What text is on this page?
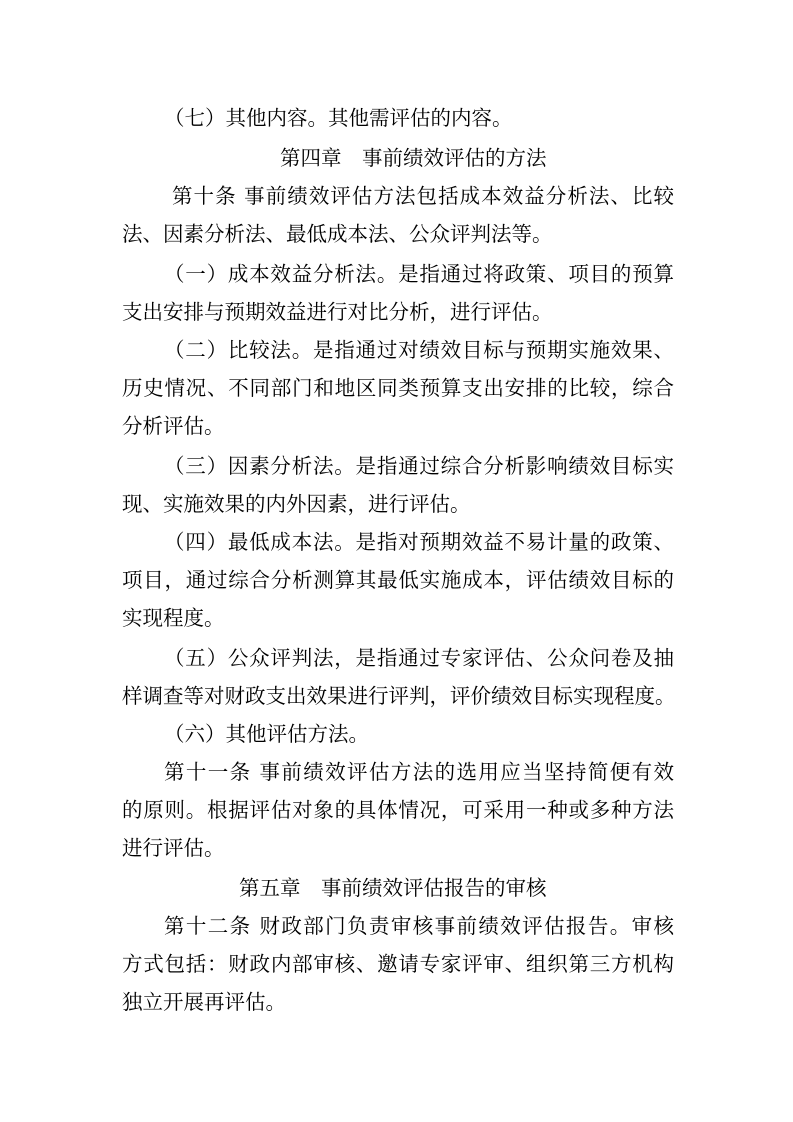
（七）其他内容。其他需评估的内容。
第四章　事前绩效评估的方法
第十条 事前绩效评估方法包括成本效益分析法、比较
法、因素分析法、最低成本法、公众评判法等。
（一）成本效益分析法。是指通过将政策、项目的预算
支出安排与预期效益进行对比分析，进行评估。
（二）比较法。是指通过对绩效目标与预期实施效果、
历史情况、不同部门和地区同类预算支出安排的比较，综合
分析评估。
（三）因素分析法。是指通过综合分析影响绩效目标实
现、实施效果的内外因素，进行评估。
（四）最低成本法。是指对预期效益不易计量的政策、
项目，通过综合分析测算其最低实施成本，评估绩效目标的
实现程度。
（五）公众评判法，是指通过专家评估、公众问卷及抽
样调查等对财政支出效果进行评判，评价绩效目标实现程度。
（六）其他评估方法。
第十一条 事前绩效评估方法的选用应当坚持简便有效
的原则。根据评估对象的具体情况，可采用一种或多种方法
进行评估。
第五章　事前绩效评估报告的审核
第十二条 财政部门负责审核事前绩效评估报告。审核
方式包括：财政内部审核、邀请专家评审、组织第三方机构
独立开展再评估。
